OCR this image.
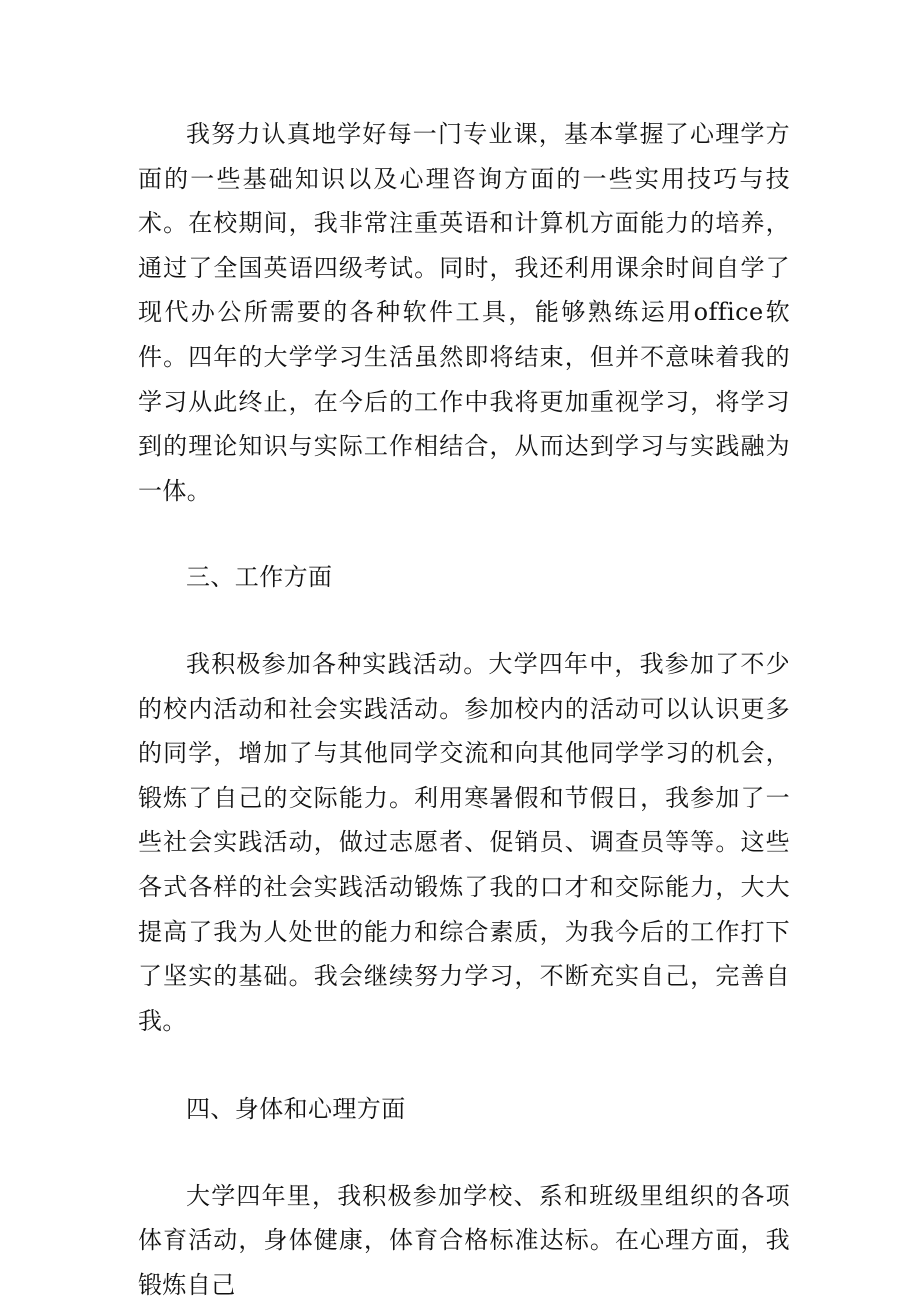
我努力认真地学好每一门专业课，基本掌握了心理学方面的一些基础知识以及心理咨询方面的一些实用技巧与技术。在校期间，我非常注重英语和计算机方面能力的培养，通过了全国英语四级考试。同时，我还利用课余时间自学了现代办公所需要的各种软件工具，能够熟练运用office软件。四年的大学学习生活虽然即将结束，但并不意味着我的学习从此终止，在今后的工作中我将更加重视学习，将学习到的理论知识与实际工作相结合，从而达到学习与实践融为一体。

三、工作方面

我积极参加各种实践活动。大学四年中，我参加了不少的校内活动和社会实践活动。参加校内的活动可以认识更多的同学，增加了与其他同学交流和向其他同学学习的机会，锻炼了自己的交际能力。利用寒暑假和节假日，我参加了一些社会实践活动，做过志愿者、促销员、调查员等等。这些各式各样的社会实践活动锻炼了我的口才和交际能力，大大提高了我为人处世的能力和综合素质，为我今后的工作打下了坚实的基础。我会继续努力学习，不断充实自己，完善自我。

四、身体和心理方面

大学四年里，我积极参加学校、系和班级里组织的各项体育活动，身体健康，体育合格标准达标。在心理方面，我锻炼自己
